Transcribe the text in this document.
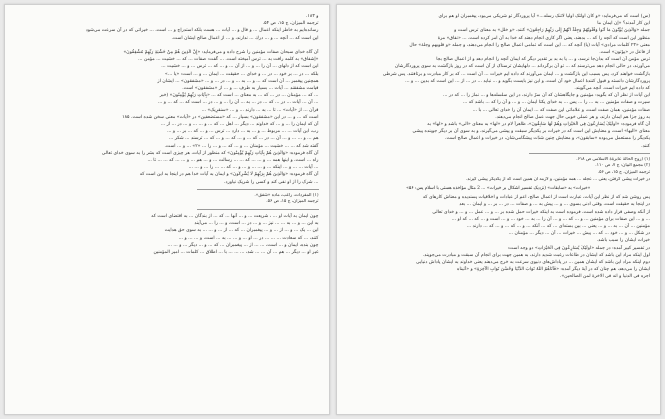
و ۱۸۳.
ترجمه المیزان، ج ۱۵، ص ۵۴.
رسانده‌ایم به خاطر اینکه اعمال ... و قال و ... آیات ... هست بلکه استدراج و ... است، ... خیراتی که در آن سرعت می‌شود
این است که ... آنچه ... و ... درك ... ندارند، و ... از اعمال صالح ایشان است.

آن گاه خدای سبحان صفات مؤمنین را شرح داده و می‌فرماید: «إِنَّ الَّذِینَ هُمْ مِنْ خَشْیَةِ رَبِّهِمْ مُشْفِقُونَ»
«إشفاق» به کلمه رأفت به ... ترس آمیخته است. ... گفت: صفات ... که ... خشیت ... مؤمن ...
این است که از دلهای ... آن را ... و ... از آن ... و ... که ... ترس ... و ... خشیت ...
بلکه ... در ... بر خود ... در ... و خدای ... حقیقت ... ایمان ... و ... است: «یا ...»
همچنین پیغمبر ... آن است که ... و ... به ... و ... در ... و ... «مشفقون» ... ایشان از
قیامت مشفقند ... آیات ... بسیار به طرف ... و ... از «مشفقون» است.
... که ... مؤمنان ... در ... که ... به معنای ... است که ... «بِآیَاتِ رَبِّهِمْ یُؤْمِنُونَ» (خبر
... آن ... آیات ... در ... که ... در ... به ... آن را ... و ... در ... است که ... که ... و ...
قرآن ... از «آیات» ... تا ... به ... دارند ... و ... «سنقرِیک» ...
است که ... و ... در این «مشفقون» بسیار ... که «مستضعفین» در «آیات» معنی سخن شده است. ۱۸۵
آن که ایمان را ... و ... که خداوند ... دیگر ... اهل ... که ... و ... ... و ... در ... از ...
رب، این آیات ... ... مربوط ... و ... به ... دارد ... ترس ... و ... که ... بر ... و ...
هم ... و ... ... و ... آن ... در ... که ... و ... که ... و ... که ... ترسند ... شکر ...
گفته شد که ... ... خشیت ... مؤمنان ... و ... که ... و ... را ... «۲» ... و ... است.
آن گاه فرموده: «وَالَّذِینَ هُمْ بِآیَاتِ رَبِّهِمْ یُؤْمِنُونَ» که منظور از آیات، هر چیزی است که بشر را به سوی خدای تعالی
راه ... است، و اینها همه ... و ... ... که ... ... رسالت ... و ... هم ... و ... ... که ... ... تا ...
... آیات ... ... و ... اینکه ... و ... ... و ... و ... که ... ... را ... و ... ...
آن گاه فرموده: «وَالَّذِینَ هُمْ بِرَبِّهِمْ لَا یُشْرِکُونَ» و ایمان به آیات خدا هم در اینجا به این است که
... شرک را از او نفی کند و کسی را شریک نیاورد.
(۱) المفردات، راغب، ماده «شفق».
ترجمه المیزان، ج ۱۵، ص ۵۶.
چون ایمان به آیات او ... ، شریعت ... و ... آنها ... که ... از بندگان ... به اقتضای است که
به این ... و ... به ... ... نیز ... و ... در ... است، و ... را ... می‌آیند
این ... یک ... و ... از ... و ... پیغمبران ... که ... از ... و ... ... به سوی حق هدایت
کنند، ... که سعادت ... ... ... در ... او ... و ... ... به ... است، و ... ... و ...
چون بنده، ایمان و ... است، ... ... از ... پیغمبران ... که ... و ... دیگر ... و ... ...
غیر او ... دیگر ... هم ... آن ... ... شد، ... ... ... با ... اطلاق ... کلمات ... امیر المؤمنین
(س) است که می‌فرماید: «و کان اولئک اولیا لاتنک رسله...» آیا پروردگار تو شریکی می‌بود، پیغمبران او هم برای
این کار آمدند؟ «إن ایمان ما
جمله «وَالَّذِینَ یُؤْتُونَ مَا آتَوا وَقُلُوبُهُمْ وَجِلَةٌ أَنَّهُمْ إِلَی رَبِّهِمْ رَاجِعُونَ» کنند، «و خلل» به معنای ترس است و
منظور این است که آنچه را که ... بدهند، یعنی اگر کاری انجام دهند که خدا به آن امر کرده است، ... «نفاق» مرة
معنی «۲۳ کلمات مرادی» آیات (یا) آنچه که ... این است که تمامی اعمال صالح را انجام می‌دهند، و جمله «و قلوبهم وجلة» حال
از فاعل در «یؤتون» است.
ترس مؤمن آن است که بدان‌جا نرسد، و ... یا به بد بر تقدیر دیگر که ایمان آنچه را انجام دهد و از اعمال صالح بجا
می‌آورند، در حالی انجام دهد می‌ترسند که ... تو آن برگرداند ... دلهایشان ترسناک از آن است که در روز بازگشت به سوی پروردگارشان
بازگشت خواهند کرد، پس بسبب این بازگشت و ... ایمان می‌آورند که داده ایم خیرات ... آن است ... که بر کار مبادرت و برتافتند. پس شرطی
پروردگارشان دانسته و قبول کنندهٔ اعمال خود آن است، و این نیز بایست بگوید و ... نباید ... در ... از ... این است که بدین ... و ...
که داده ایم خیرات است. آنچه می‌گویند.
این آیات از نظر آن که بگوید: مؤمنین و جایگاهشان که آن سرّ دارند، در این سلسله‌ها و ... نماز را ... که در ...
سیرت و صفات مؤمنین ... به ... را ... پس ... به خدای یکتا ایمان ... و ... و آن را که ... باشد که ...
صفات مؤمنین، همان صفت است، و علاماتی این صفت که ... ایمان آن را خدای تعالی ... با ...
به روز جزا هم ایمان دارند، و هر عملی خوبی حال جهت عمل صالح انجام می‌دهند.
آن گاه فرموده: «أُولَئِکَ یُسَارِعُونَ فِی الْخَیْرَاتِ وَهُمْ لَهَا سَابِقُونَ»، ظاهراً لام در «لها» به معنای «الی» باشد و «لها» به
معنای «الیها» است، و معنایش این است که در خیرات بر یکدیگر سبقت و پیشی می‌گیرند، و به سوی آن بر دیگر جوینده پیشی
یکدیگر را مستعمل می‌بوده «سابقون»، و معنایش چنین شدّت پیشگامی‌شان، در خیرات و اعمال صالح است.
کنند.
(۱) (روح الحالة عابرةة الاسلامی ص ۶۱۸.
(۲) مجمع البیان: ج ۷، ص ۱۱۰.
ترجمه المیزان، ج ۱۵، ص ۵۶.
در خیرات پیشی گرفتن، یعنی ... عجله ... همه مؤمنین، و لازمه آن همین است که از یکدیگر پیشی گیرند.
«خیرات» به «سابقات» (نزدیک تفسیر اشکال بر خیرات» ... 2 مثال مؤاخذه هستی با اسلام پس: ۵۶»
پس روشن شد که از نظر این آیات، عبارت است از اعمال صالح، اعم از عبادات و اخلاقیات پسندیده و معناش کارهای که
در اینجا به حقیقت است، وقتی ادنی بسوی ... و ... پیش به ... و صفات ... در ... بر ... و ایمان ... بعد
از آنکه وصفی قرار داده شده است، فرموده است به اینکه خیرات حمل شده بر ... و ... عمل ... و ... و خدای تعالی
... و ... این صفات برای مؤمنین ... و ... که ... و ... آن را ... به ... خود ... و ... است و ... که ... که او ...
مؤمنین ... آن ... به ... و ... یعنی ... بین بسته‌ای ... که ... آنکه ... و ... که ... و ... که ... دارند ...
در شکل ... و ... خود ... که ... پیش ... خیرات ... آن ... دیگر ... مؤمنان ...
خیرات ایشان را سبب باشد.
در تفسیر کبیر آمده: در جمله «أُولَئِکَ یُسَارِعُونَ فِی الْخَیْرَاتِ» دو وجه است:
اول اینکه مراد این باشد که ایشان در طاعات رغبت شدید دارند، به همین جهت برای انجام آن سبقت و مبادرت می‌جویند.
دوم اینکه مراد این باشد که ایشان همین ... در پاداش‌های دنیوی سرعت به خرج می‌دهند یعنی خداوند به ایشان پاداش دنیایی
ایشان را می‌دهد، هم چنان که در آیهٔ دیگر آمده: «فَآتَاهُمُ اللَّهُ ثَوَابَ الدُّنْیَا وَحُسْنَ ثَوَابِ الْآخِرَةِ» و «آتیناه
اجره فی الدنیا و انه فی الاخرة لمن الصالحین».
